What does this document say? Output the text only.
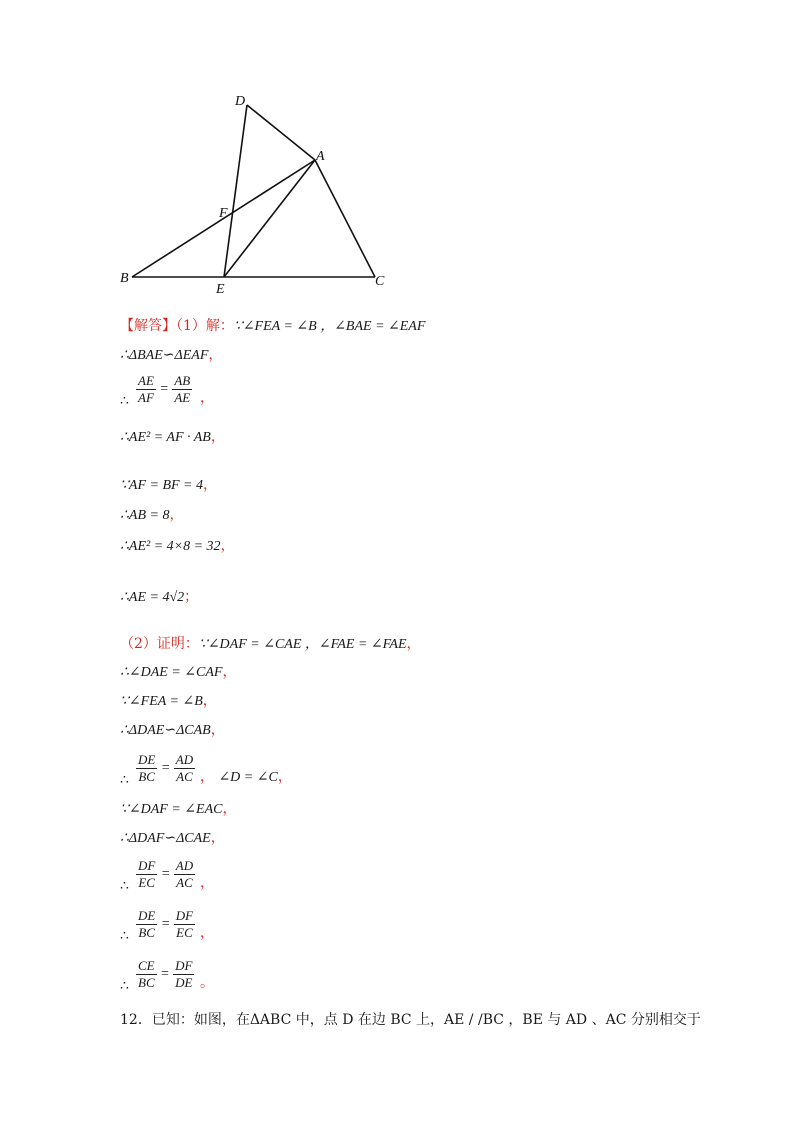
D
A
F
B
E
C
【解答】（1）解：∵∠FEA = ∠B ，∠BAE = ∠EAF
∴ΔBAE∽ΔEAF，
∴ $\frac{AE}{AF} = \frac{AB}{AE}$ ，
∴AE² = AF · AB，
∵AF = BF = 4，
∴AB = 8，
∴AE² = 4×8 = 32，
∴AE = 4√2；
（2）证明：∵∠DAF = ∠CAE ，∠FAE = ∠FAE，
∴∠DAE = ∠CAF，
∵∠FEA = ∠B，
∴ΔDAE∽ΔCAB，
∴ $\frac{DE}{BC} = \frac{AD}{AC}$ ， ∠D = ∠C，
∵∠DAF = ∠EAC，
∴ΔDAF∽ΔCAE，
∴ $\frac{DF}{EC} = \frac{AD}{AC}$ ，
∴ $\frac{DE}{BC} = \frac{DF}{EC}$ ，
∴ $\frac{CE}{BC} = \frac{DF}{DE}$ 。
12．已知：如图，在ΔABC 中，点 D 在边 BC 上，AE / /BC ，BE 与 AD 、AC 分别相交于
